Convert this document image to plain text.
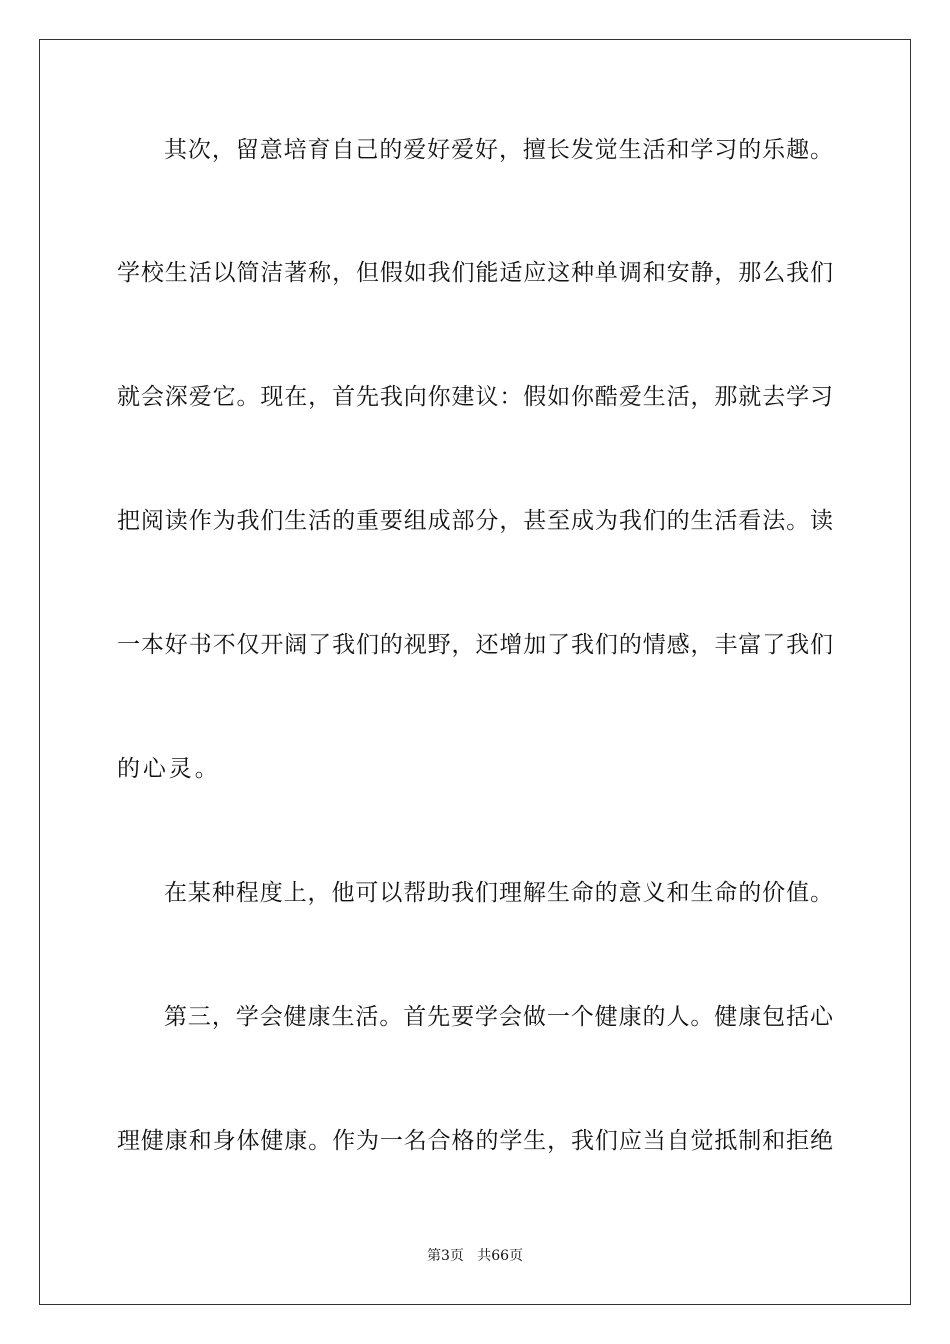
其次，留意培育自己的爱好爱好，擅长发觉生活和学习的乐趣。
学校生活以简洁著称，但假如我们能适应这种单调和安静，那么我们
就会深爱它。现在，首先我向你建议：假如你酷爱生活，那就去学习
把阅读作为我们生活的重要组成部分，甚至成为我们的生活看法。读
一本好书不仅开阔了我们的视野，还增加了我们的情感，丰富了我们
的心灵。
在某种程度上，他可以帮助我们理解生命的意义和生命的价值。
第三，学会健康生活。首先要学会做一个健康的人。健康包括心
理健康和身体健康。作为一名合格的学生，我们应当自觉抵制和拒绝
第3页   共66页
